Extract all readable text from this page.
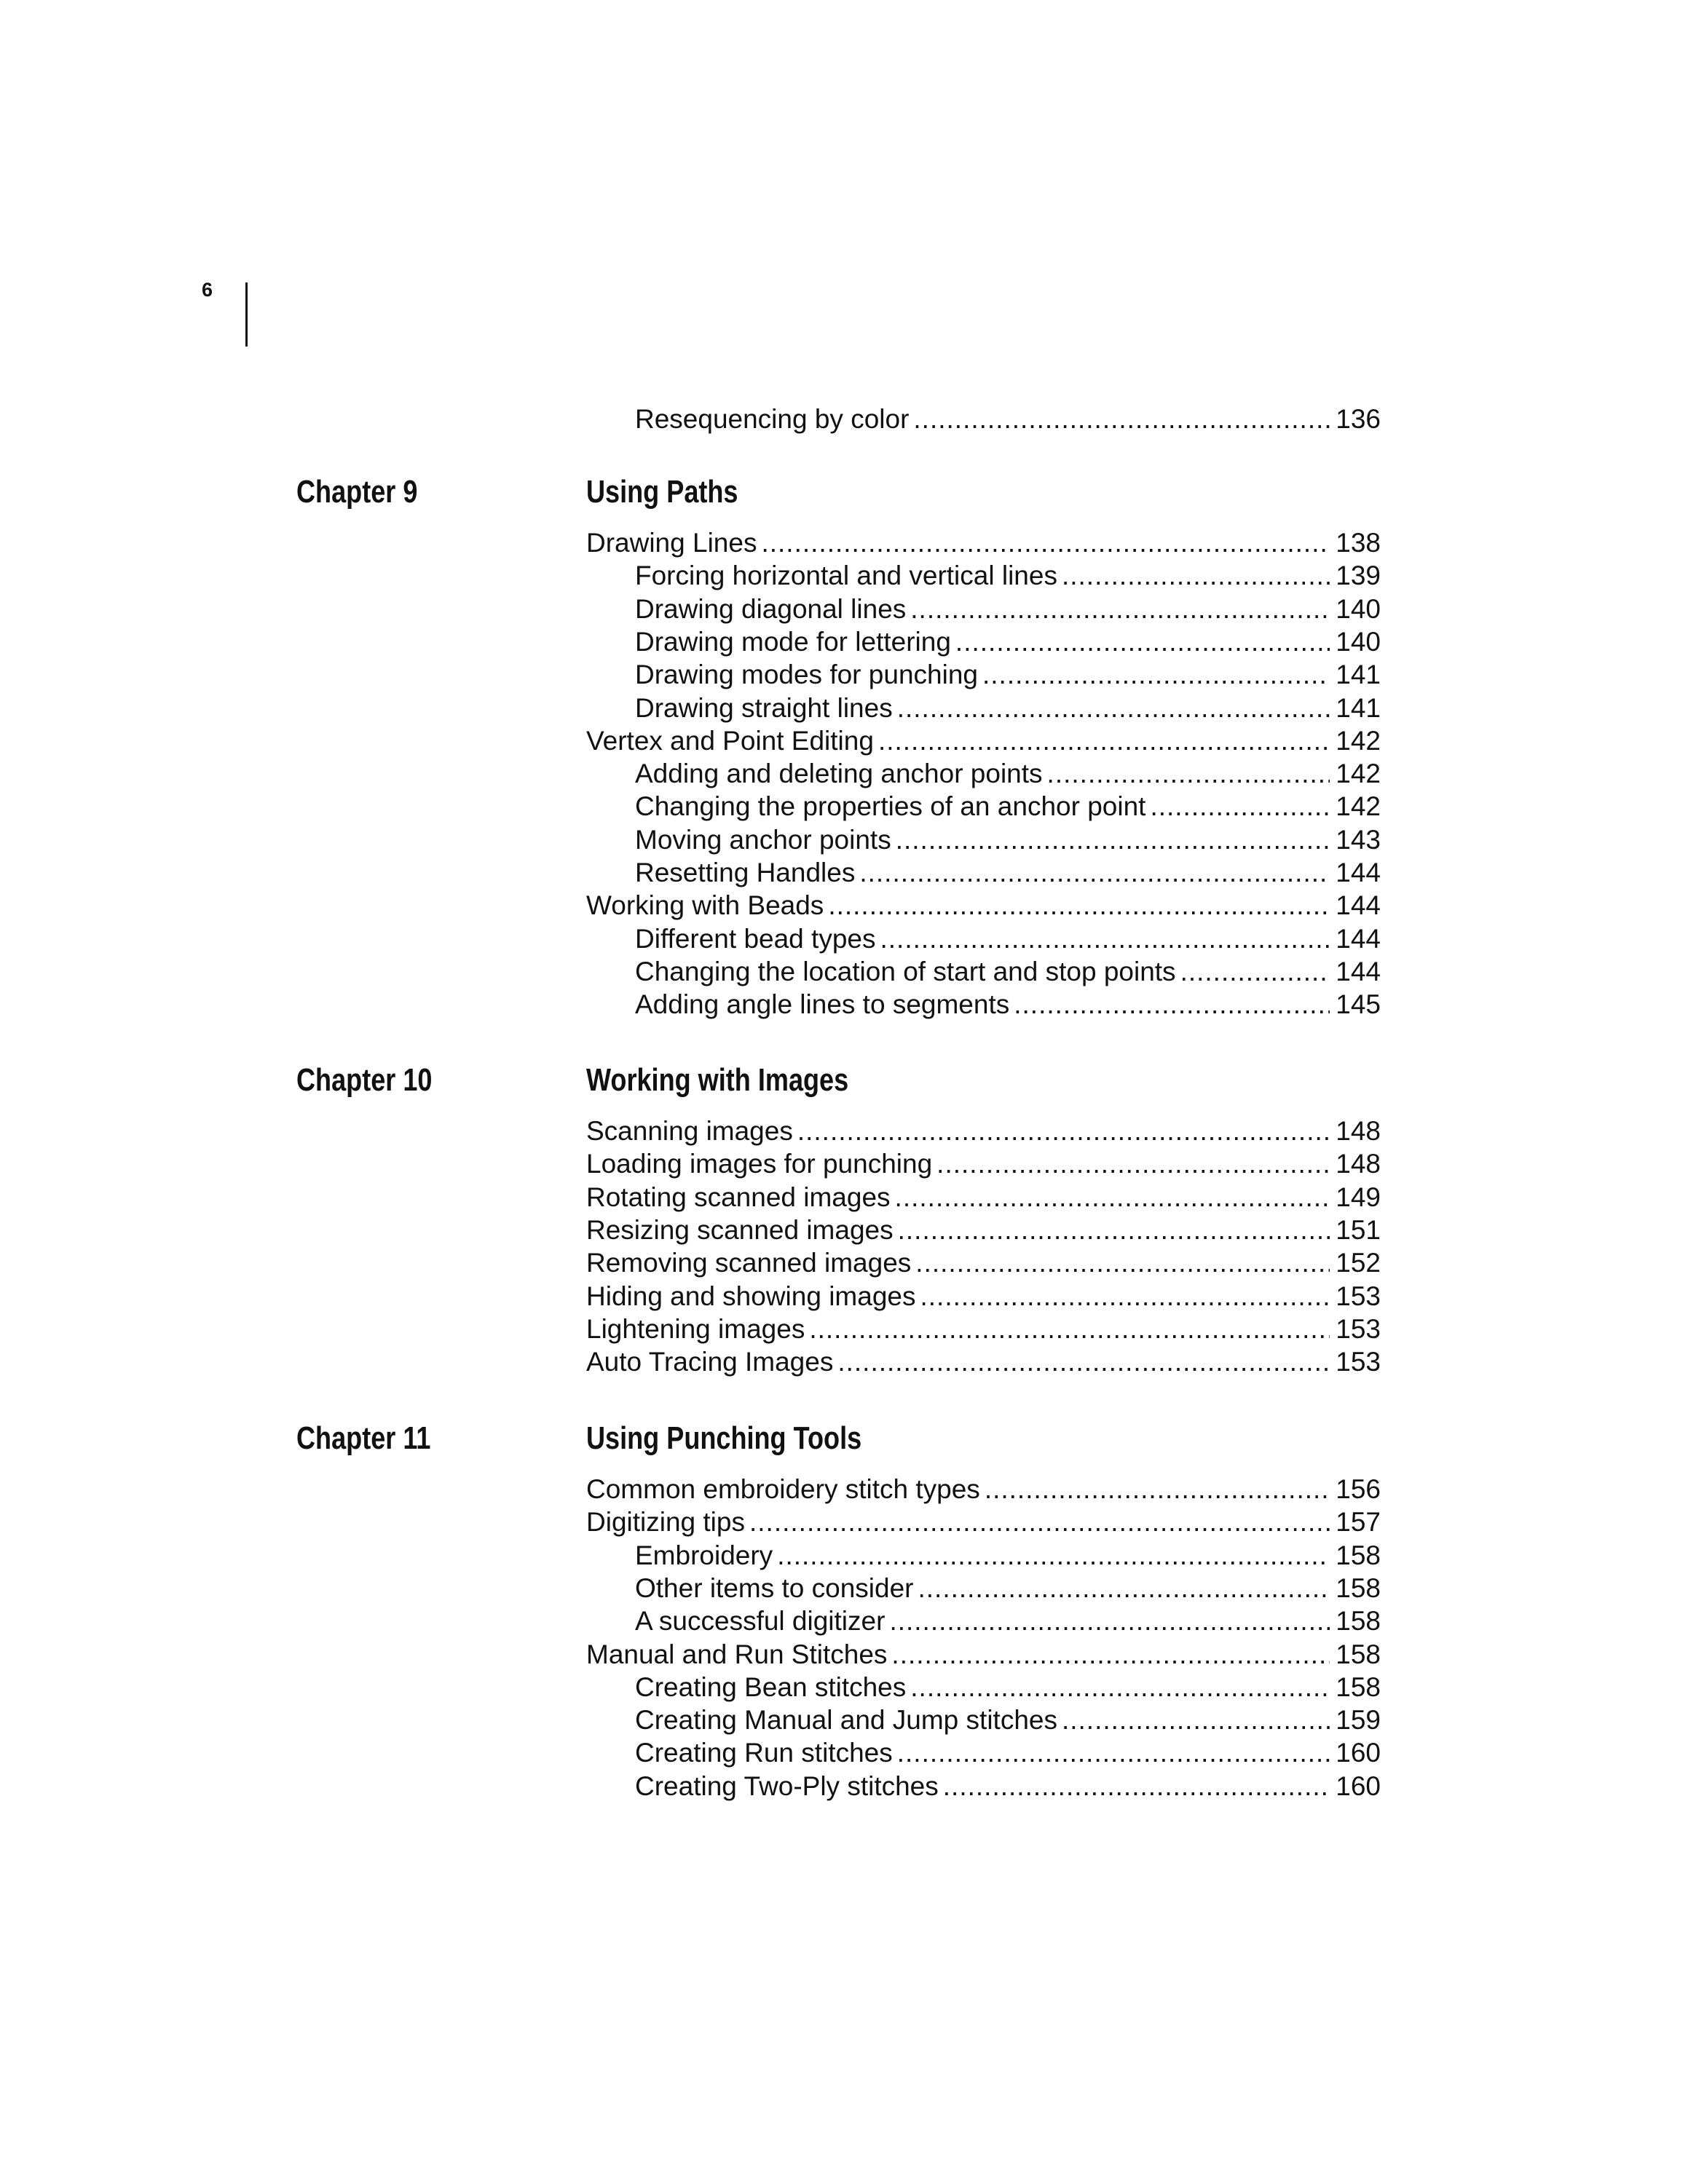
6
Resequencing by color .....	136
Chapter 9	Using Paths
Drawing Lines .....	138
Forcing horizontal and vertical lines .....	139
Drawing diagonal lines .....	140
Drawing mode for lettering .....	140
Drawing modes for punching .....	141
Drawing straight lines .....	141
Vertex and Point Editing .....	142
Adding and deleting anchor points .....	142
Changing the properties of an anchor point .....	142
Moving anchor points .....	143
Resetting Handles .....	144
Working with Beads .....	144
Different bead types .....	144
Changing the location of start and stop points .....	144
Adding angle lines to segments .....	145
Chapter 10	Working with Images
Scanning images .....	148
Loading images for punching .....	148
Rotating scanned images .....	149
Resizing scanned images .....	151
Removing scanned images .....	152
Hiding and showing images .....	153
Lightening images .....	153
Auto Tracing Images .....	153
Chapter 11	Using Punching Tools
Common embroidery stitch types .....	156
Digitizing tips .....	157
Embroidery .....	158
Other items to consider .....	158
A successful digitizer .....	158
Manual and Run Stitches .....	158
Creating Bean stitches .....	158
Creating Manual and Jump stitches .....	159
Creating Run stitches .....	160
Creating Two-Ply stitches .....	160
